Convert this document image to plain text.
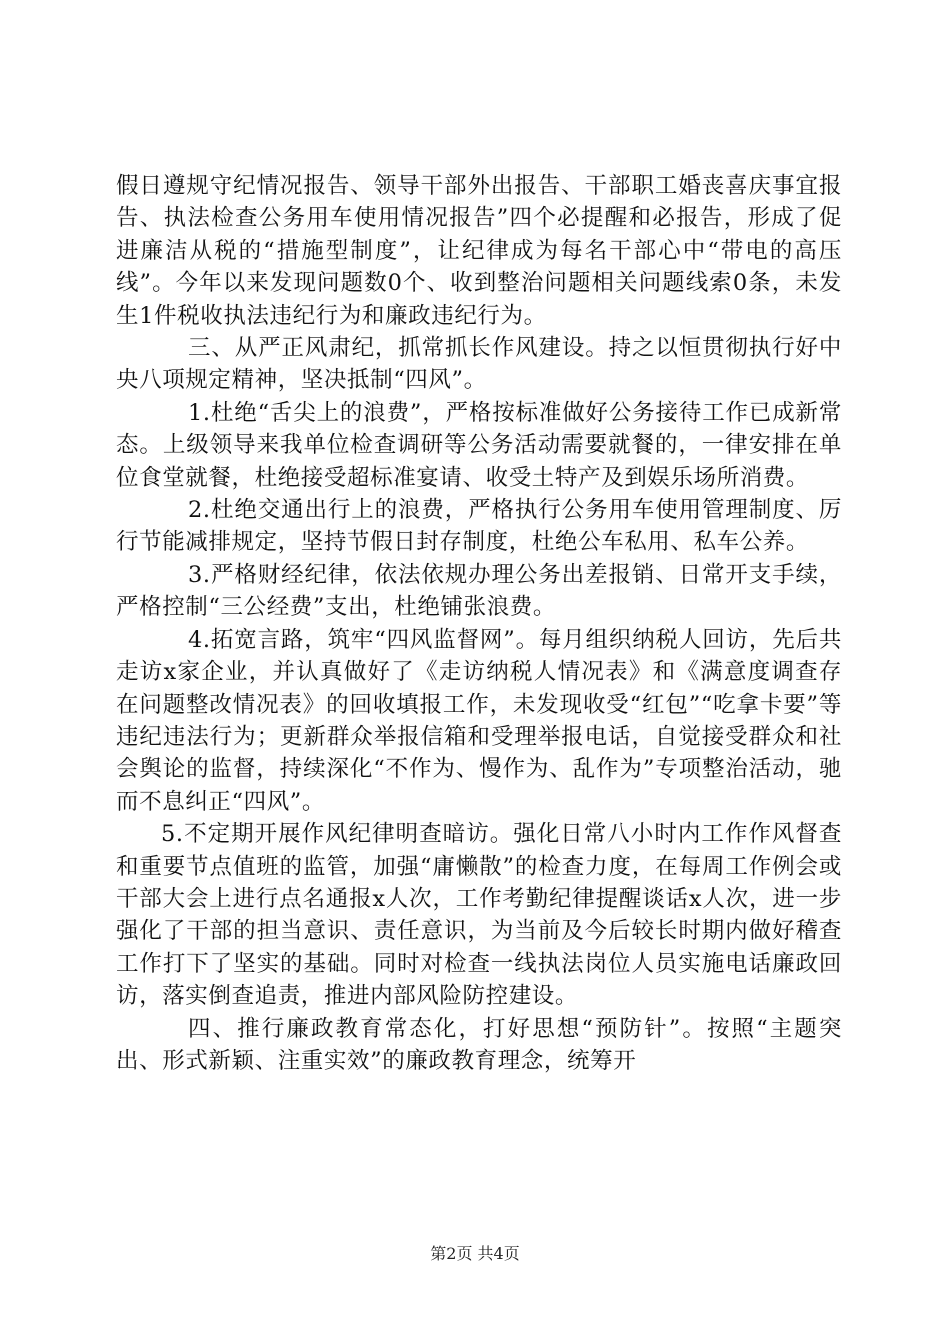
假日遵规守纪情况报告、领导干部外出报告、干部职工婚丧喜庆事宜报告、执法检查公务用车使用情况报告”四个必提醒和必报告，形成了促进廉洁从税的“措施型制度”，让纪律成为每名干部心中“带电的高压线”。今年以来发现问题数0个、收到整治问题相关问题线索0条，未发生1件税收执法违纪行为和廉政违纪行为。

三、从严正风肃纪，抓常抓长作风建设。持之以恒贯彻执行好中央八项规定精神，坚决抵制“四风”。

1.杜绝“舌尖上的浪费”，严格按标准做好公务接待工作已成新常态。上级领导来我单位检查调研等公务活动需要就餐的，一律安排在单位食堂就餐，杜绝接受超标准宴请、收受土特产及到娱乐场所消费。

2.杜绝交通出行上的浪费，严格执行公务用车使用管理制度、厉行节能减排规定，坚持节假日封存制度，杜绝公车私用、私车公养。

3.严格财经纪律，依法依规办理公务出差报销、日常开支手续，严格控制“三公经费”支出，杜绝铺张浪费。

4.拓宽言路，筑牢“四风监督网”。每月组织纳税人回访，先后共走访x家企业，并认真做好了《走访纳税人情况表》和《满意度调查存在问题整改情况表》的回收填报工作，未发现收受“红包”“吃拿卡要”等违纪违法行为；更新群众举报信箱和受理举报电话，自觉接受群众和社会舆论的监督，持续深化“不作为、慢作为、乱作为”专项整治活动，驰而不息纠正“四风”。

5.不定期开展作风纪律明查暗访。强化日常八小时内工作作风督查和重要节点值班的监管，加强“庸懒散”的检查力度，在每周工作例会或干部大会上进行点名通报x人次，工作考勤纪律提醒谈话x人次，进一步强化了干部的担当意识、责任意识，为当前及今后较长时期内做好稽查工作打下了坚实的基础。同时对检查一线执法岗位人员实施电话廉政回访，落实倒查追责，推进内部风险防控建设。

四、推行廉政教育常态化，打好思想“预防针”。按照“主题突出、形式新颖、注重实效”的廉政教育理念，统筹开

第2页 共4页
